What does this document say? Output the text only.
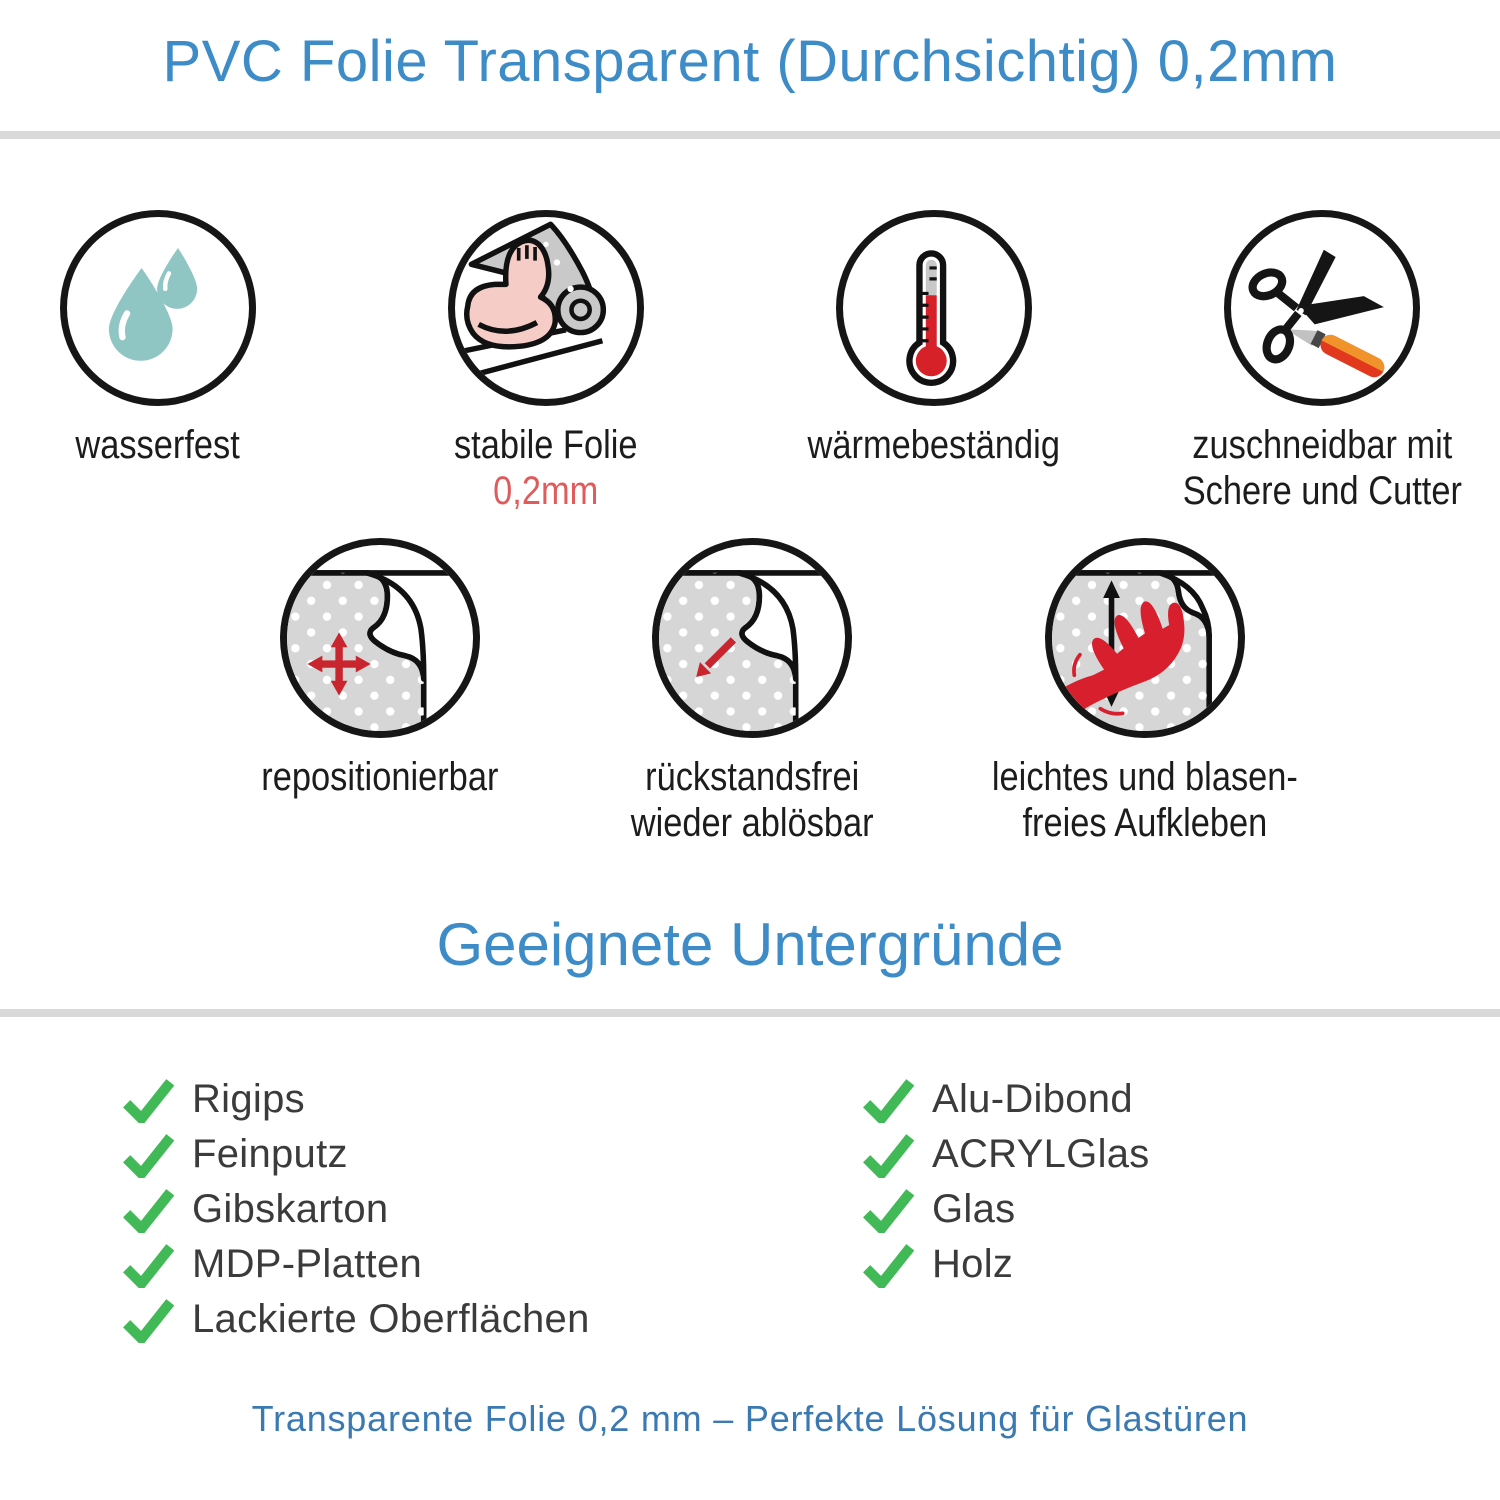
PVC Folie Transparent (Durchsichtig) 0,2mm
wasserfest	stabile Folie
0,2mm
wärmebeständig	zuschneidbar mit
Schere und Cutter
repositionierbar	rückstandsfrei
wieder ablösbar
leichtes und blasen-
freies Aufkleben
Geeignete Untergründe
Rigips
Feinputz
Gibskarton
MDP-Platten
Lackierte Oberflächen
Alu-Dibond
ACRYLGlas
Glas
Holz
Transparente Folie 0,2 mm – Perfekte Lösung für Glastüren
